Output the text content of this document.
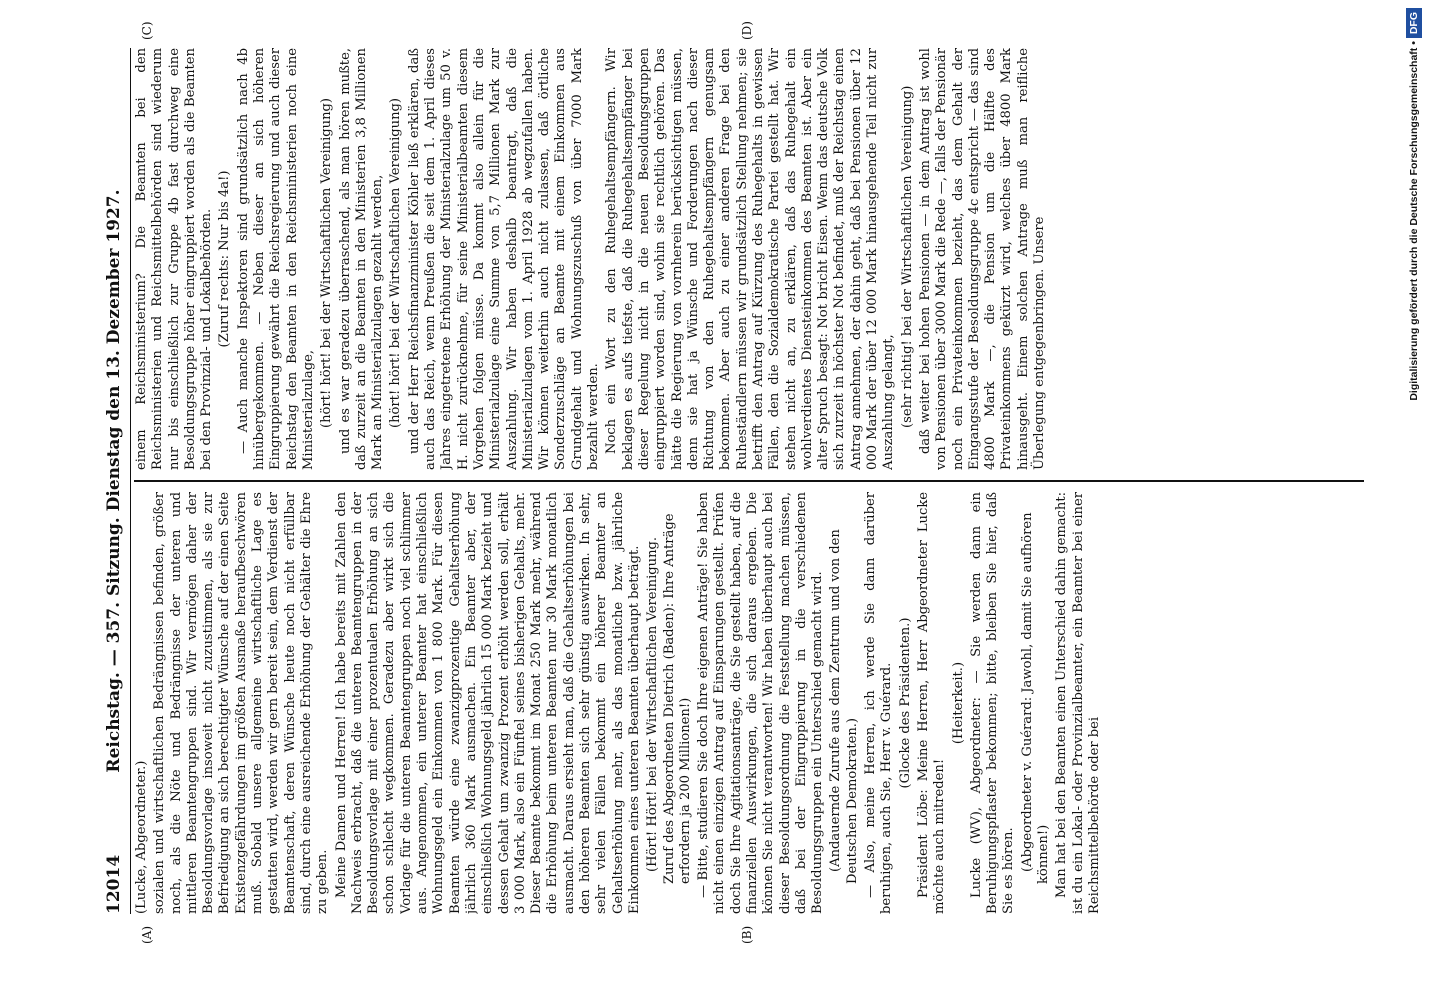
12014
Reichstag. — 357. Sitzung. Dienstag den 13. Dezember 1927.

(Lucke, Abgeordneter.) sozialen und wirtschaftlichen Bedrängnissen befinden, größer noch, als die Nöte und Bedrängnisse der unteren und mittleren Beamtengruppen sind. Wir vermögen daher der Besoldungsvorlage insoweit nicht zuzustimmen, als sie zur Befriedigung an sich berechtigter Wünsche auf der einen Seite Existenzgefährdungen im größten Ausmaße heraufbeschwören muß. Sobald unsere allgemeine wirtschaftliche Lage es gestatten wird, werden wir gern bereit sein, dem Verdienst der Beamtenschaft, deren Wünsche heute noch nicht erfüllbar sind, durch eine ausreichende Erhöhung der Gehälter die Ehre zu geben. Meine Damen und Herren! Ich habe bereits mit Zahlen den Nachweis erbracht, daß die unteren Beamtengruppen in der Besoldungsvorlage mit einer prozentualen Erhöhung an sich schon schlecht wegkommen. Geradezu aber wirkt sich die Vorlage für die unteren Beamtengruppen noch viel schlimmer aus. Angenommen, ein unterer Beamter hat einschließlich Wohnungsgeld ein Einkommen von 1 800 Mark. Für diesen Beamten würde eine zwanzigprozentige Gehaltserhöhung jährlich 360 Mark ausmachen. Ein Beamter aber, der einschließlich Wohnungsgeld jährlich 15 000 Mark bezieht und dessen Gehalt um zwanzig Prozent erhöht werden soll, erhält 3 000 Mark, also ein Fünftel seines bisherigen Gehalts, mehr. Dieser Beamte bekommt im Monat 250 Mark mehr, während die Erhöhung beim unteren Beamten nur 30 Mark monatlich ausmacht. Daraus ersieht man, daß die Gehaltserhöhungen bei den höheren Beamten sich sehr günstig auswirken. In sehr, sehr vielen Fällen bekommt ein höherer Beamter an Gehaltserhöhung mehr, als das monatliche bzw. jährliche Einkommen eines unteren Beamten überhaupt beträgt. (Hört! Hört! bei der Wirtschaftlichen Vereinigung. Zuruf des Abgeordneten Dietrich (Baden): Ihre Anträge erfordern ja 200 Millionen!) — Bitte, studieren Sie doch Ihre eigenen Anträge! Sie haben nicht einen einzigen Antrag auf Einsparungen gestellt. Prüfen doch Sie Ihre Agitationsanträge, die Sie gestellt haben, auf die finanziellen Auswirkungen, die sich daraus ergeben. Die können Sie nicht verantworten! Wir haben überhaupt auch bei dieser Besoldungsordnung die Feststellung machen müssen, daß bei der Eingruppierung in die verschiedenen Besoldungsgruppen ein Unterschied gemacht wird. (Andauernde Zurufe aus dem Zentrum und von den Deutschen Demokraten.) — Also, meine Herren, ich werde Sie dann darüber beruhigen, auch Sie, Herr v. Guérard. (Glocke des Präsidenten.) Präsident Löbe: Meine Herren, Herr Abgeordneter Lucke möchte auch mitreden!

(Heiterkeit.) Lucke (WV), Abgeordneter: — Sie werden dann ein Beruhigungspflaster bekommen; bitte, bleiben Sie hier, daß Sie es hören. (Abgeordneter v. Guérard: Jawohl, damit Sie aufhören können!) Man hat bei den Beamten einen Unterschied dahin gemacht: ist du ein Lokal- oder Provinzialbeamter, ein Beamter bei einer Reichsmittelbehörde oder bei

einem Reichsministerium? Die Beamten bei den Reichsministerien und Reichsmittelbehörden sind wiederum nur bis einschließlich zur Gruppe 4b fast durchweg eine Besoldungsgruppe höher eingruppiert worden als die Beamten bei den Provinzial- und Lokalbehörden. (Zuruf rechts: Nur bis 4a!) — Auch manche Inspektoren sind grundsätzlich nach 4b hinübergekommen. — Neben dieser an sich höheren Eingruppierung gewährt die Reichsregierung und auch dieser Reichstag den Beamten in den Reichsministerien noch eine Ministerialzulage, (hört! hört! bei der Wirtschaftlichen Vereinigung) und es war geradezu überraschend, als man hören mußte, daß zurzeit an die Beamten in den Ministerien 3,8 Millionen Mark an Ministerialzulagen gezahlt werden, (hört! hört! bei der Wirtschaftlichen Vereinigung) und der Herr Reichsfinanzminister Köhler ließ erklären, daß auch das Reich, wenn Preußen die seit dem 1. April dieses Jahres eingetretene Erhöhung der Ministerialzulage um 50 v. H. nicht zurücknehme, für seine Ministerialbeamten diesem Vorgehen folgen müsse. Da kommt also allein für die Ministerialzulage eine Summe von 5,7 Millionen Mark zur Auszahlung. Wir haben deshalb beantragt, daß die Ministerialzulagen vom 1. April 1928 ab wegzufallen haben. Wir können weiterhin auch nicht zulassen, daß örtliche Sonderzuschläge an Beamte mit einem Einkommen aus Grundgehalt und Wohnungszuschuß von über 7000 Mark bezahlt werden. Noch ein Wort zu den Ruhegehaltsempfängern. Wir beklagen es aufs tiefste, daß die Ruhegehaltsempfänger bei dieser Regelung nicht in die neuen Besoldungsgruppen eingruppiert worden sind, wohin sie rechtlich gehören. Das hätte die Regierung von vornherein berücksichtigen müssen, denn sie hat ja Wünsche und Forderungen nach dieser Richtung von den Ruhegehaltsempfängern genugsam bekommen. Aber auch zu einer anderen Frage bei den Ruheständlern müssen wir grundsätzlich Stellung nehmen; sie betrifft den Antrag auf Kürzung des Ruhegehalts in gewissen Fällen, den die Sozialdemokratische Partei gestellt hat. Wir stehen nicht an, zu erklären, daß das Ruhegehalt ein wohlverdientes Diensteinkommen des Beamten ist. Aber ein alter Spruch besagt: Not bricht Eisen. Wenn das deutsche Volk sich zurzeit in höchster Not befindet, muß der Reichstag einen Antrag annehmen, der dahin geht, daß bei Pensionen über 12 000 Mark der über 12 000 Mark hinausgehende Teil nicht zur Auszahlung gelangt, (sehr richtig! bei der Wirtschaftlichen Vereinigung) daß weiter bei hohen Pensionen — in dem Antrag ist wohl von Pensionen über 3000 Mark die Rede —, falls der Pensionär noch ein Privateinkommen bezieht, das dem Gehalt der Eingangsstufe der Besoldungsgruppe 4c entspricht — das sind 4800 Mark —, die Pension um die Hälfte des Privateinkommens gekürzt wird, welches über 4800 Mark hinausgeht. Einem solchen Antrage muß man reifliche Überlegung entgegenbringen. Unsere

(A)	(B)
(C)	(D)
Digitalisierung gefördert durch die Deutsche Forschungsgemeinschaft • DFG
